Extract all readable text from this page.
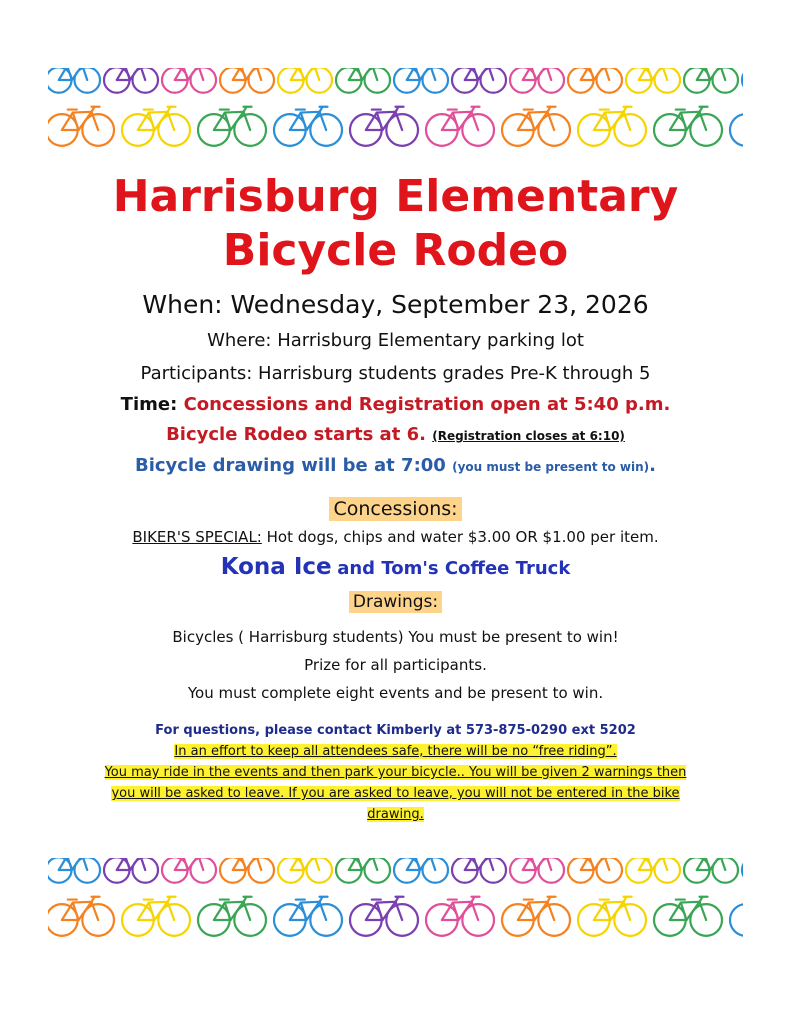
Harrisburg Elementary

Bicycle Rodeo

When: Wednesday, September 23, 2026

Where: Harrisburg Elementary parking lot

Participants: Harrisburg students grades Pre-K through 5

Time: Concessions and Registration open at 5:40 p.m.

Bicycle Rodeo starts at 6. (Registration closes at 6:10)

Bicycle drawing will be at 7:00 (you must be present to win).

Concessions:

BIKER'S SPECIAL: Hot dogs, chips and water $3.00 OR $1.00 per item.

Kona Ice and Tom's Coffee Truck

Drawings:

Bicycles ( Harrisburg students) You must be present to win!

Prize for all participants.

You must complete eight events and be present to win.

For questions, please contact Kimberly at 573-875-0290 ext 5202

In an effort to keep all attendees safe, there will be no “free riding”.

You may ride in the events and then park your bicycle.. You will be given 2 warnings then

you will be asked to leave. If you are asked to leave, you will not be entered in the bike

drawing.
